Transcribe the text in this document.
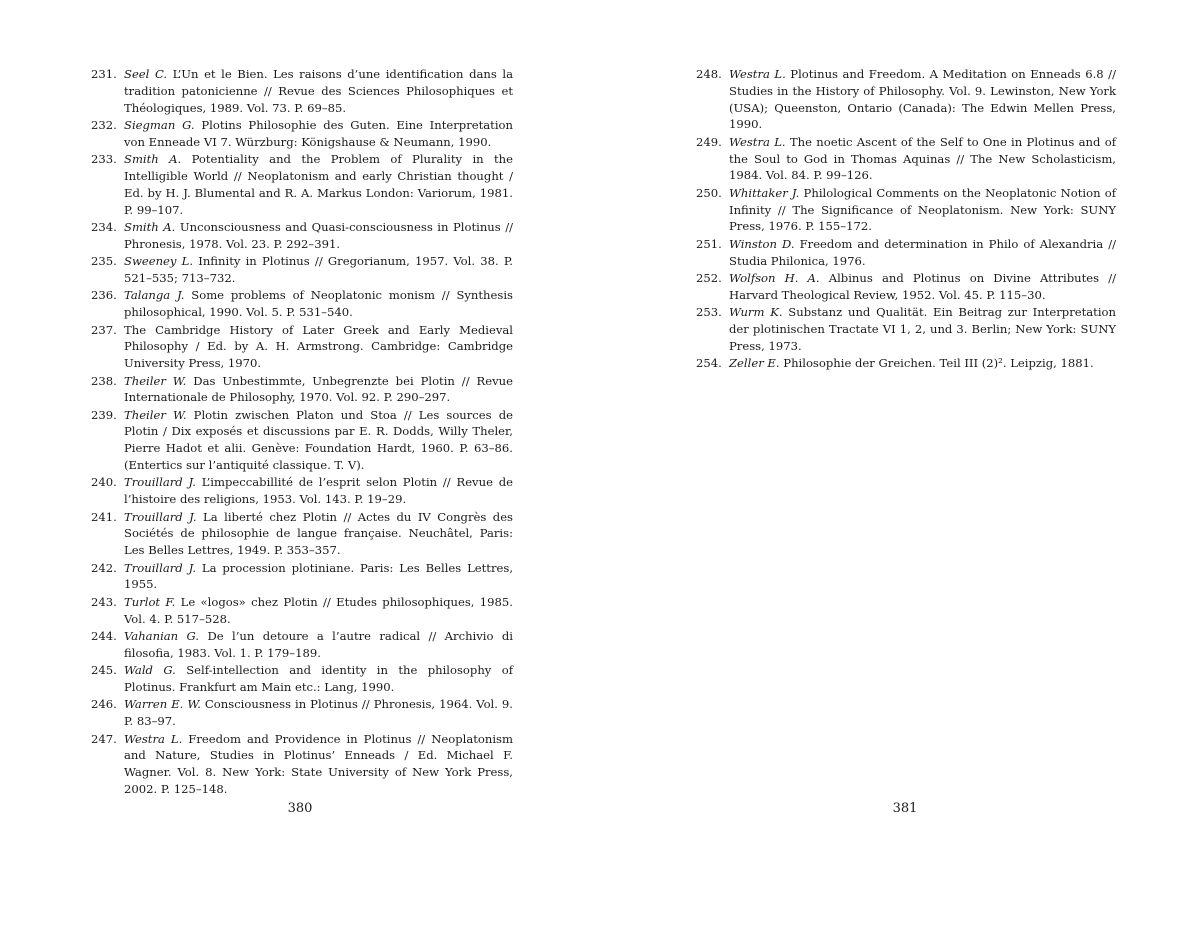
231. Seel C. L’Un et le Bien. Les raisons d’une identification dans la tradition patonicienne // Revue des Sciences Philosophiques et Théologiques, 1989. Vol. 73. P. 69–85.
232. Siegman G. Plotins Philosophie des Guten. Eine Interpretation von Enneade VI 7. Würzburg: Königshause & Neumann, 1990.
233. Smith A. Potentiality and the Problem of Plurality in the Intelligible World // Neoplatonism and early Christian thought / Ed. by H. J. Blumental and R. A. Markus London: Variorum, 1981. P. 99–107.
234. Smith A. Unconsciousness and Quasi-consciousness in Plotinus // Phronesis, 1978. Vol. 23. P. 292–391.
235. Sweeney L. Infinity in Plotinus // Gregorianum, 1957. Vol. 38. P. 521–535; 713–732.
236. Talanga J. Some problems of Neoplatonic monism // Synthesis philosophical, 1990. Vol. 5. P. 531–540.
237. The Cambridge History of Later Greek and Early Medieval Philosophy / Ed. by A. H. Armstrong. Cambridge: Cambridge University Press, 1970.
238. Theiler W. Das Unbestimmte, Unbegrenzte bei Plotin // Revue Internationale de Philosophy, 1970. Vol. 92. P. 290–297.
239. Theiler W. Plotin zwischen Platon und Stoa // Les sources de Plotin / Dix exposés et discussions par E. R. Dodds, Willy Theler, Pierre Hadot et alii. Genève: Foundation Hardt, 1960. P. 63–86. (Entertics sur l’antiquité classique. T. V).
240. Trouillard J. L’impeccabillité de l’esprit selon Plotin // Revue de l’histoire des religions, 1953. Vol. 143. P. 19–29.
241. Trouillard J. La liberté chez Plotin // Actes du IV Congrès des Sociétés de philosophie de langue française. Neuchâtel, Paris: Les Belles Lettres, 1949. P. 353–357.
242. Trouillard J. La procession plotiniane. Paris: Les Belles Lettres, 1955.
243. Turlot F. Le «logos» chez Plotin // Etudes philosophiques, 1985. Vol. 4. P. 517–528.
244. Vahanian G. De l’un detoure a l’autre radical // Archivio di filosofia, 1983. Vol. 1. P. 179–189.
245. Wald G. Self-intellection and identity in the philosophy of Plotinus. Frankfurt am Main etc.: Lang, 1990.
246. Warren E. W. Consciousness in Plotinus // Phronesis, 1964. Vol. 9. P. 83–97.
247. Westra L. Freedom and Providence in Plotinus // Neoplatonism and Nature, Studies in Plotinus’ Enneads / Ed. Michael F. Wagner. Vol. 8. New York: State University of New York Press, 2002. P. 125–148.
380
248. Westra L. Plotinus and Freedom. A Meditation on Enneads 6.8 // Studies in the History of Philosophy. Vol. 9. Lewinston, New York (USA); Queenston, Ontario (Canada): The Edwin Mellen Press, 1990.
249. Westra L. The noetic Ascent of the Self to One in Plotinus and of the Soul to God in Thomas Aquinas // The New Scholasticism, 1984. Vol. 84. P. 99–126.
250. Whittaker J. Philological Comments on the Neoplatonic Notion of Infinity // The Significance of Neoplatonism. New York: SUNY Press, 1976. P. 155–172.
251. Winston D. Freedom and determination in Philo of Alexandria // Studia Philonica, 1976.
252. Wolfson H. A. Albinus and Plotinus on Divine Attributes // Harvard Theological Review, 1952. Vol. 45. P. 115–30.
253. Wurm K. Substanz und Qualität. Ein Beitrag zur Interpretation der plotinischen Tractate VI 1, 2, und 3. Berlin; New York: SUNY Press, 1973.
254. Zeller E. Philosophie der Greichen. Teil III (2)². Leipzig, 1881.
381
